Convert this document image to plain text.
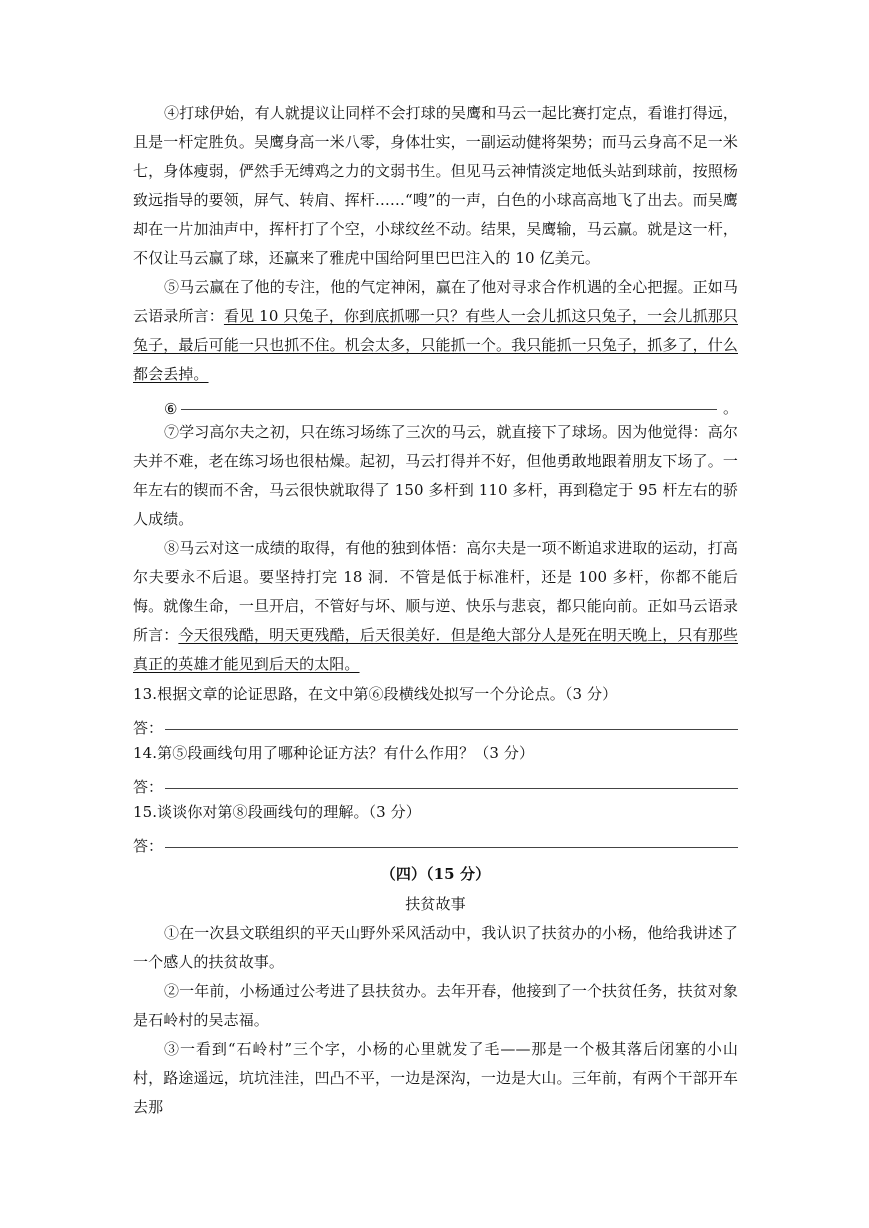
④打球伊始，有人就提议让同样不会打球的吴鹰和马云一起比赛打定点，看谁打得远，且是一杆定胜负。吴鹰身高一米八零，身体壮实，一副运动健将架势；而马云身高不足一米七，身体瘦弱，俨然手无缚鸡之力的文弱书生。但见马云神情淡定地低头站到球前，按照杨致远指导的要领，屏气、转肩、挥杆……“嗖”的一声，白色的小球高高地飞了出去。而吴鹰却在一片加油声中，挥杆打了个空，小球纹丝不动。结果，吴鹰输，马云赢。就是这一杆，不仅让马云赢了球，还赢来了雅虎中国给阿里巴巴注入的 10 亿美元。

⑤马云赢在了他的专注，他的气定神闲，赢在了他对寻求合作机遇的全心把握。正如马云语录所言：看见 10 只兔子，你到底抓哪一只？有些人一会儿抓这只兔子，一会儿抓那只兔子，最后可能一只也抓不住。机会太多，只能抓一个。我只能抓一只兔子，抓多了，什么都会丢掉。

⑥	。

⑦学习高尔夫之初，只在练习场练了三次的马云，就直接下了球场。因为他觉得：高尔夫并不难，老在练习场也很枯燥。起初，马云打得并不好，但他勇敢地跟着朋友下场了。一年左右的锲而不舍，马云很快就取得了 150 多杆到 110 多杆，再到稳定于 95 杆左右的骄人成绩。

⑧马云对这一成绩的取得，有他的独到体悟：高尔夫是一项不断追求进取的运动，打高尔夫要永不后退。要坚持打完 18 洞．不管是低于标准杆，还是 100 多杆，你都不能后悔。就像生命，一旦开启，不管好与坏、顺与逆、快乐与悲哀，都只能向前。正如马云语录所言：今天很残酷，明天更残酷，后天很美好．但是绝大部分人是死在明天晚上，只有那些真正的英雄才能见到后天的太阳。

13.根据文章的论证思路，在文中第⑥段横线处拟写一个分论点。（3 分）

答：

14.第⑤段画线句用了哪种论证方法？有什么作用？（3 分）

答：

15.谈谈你对第⑧段画线句的理解。（3 分）

答：

（四）（15 分）

扶贫故事

①在一次县文联组织的平天山野外采风活动中，我认识了扶贫办的小杨，他给我讲述了一个感人的扶贫故事。

②一年前，小杨通过公考进了县扶贫办。去年开春，他接到了一个扶贫任务，扶贫对象是石岭村的吴志福。

③一看到“石岭村”三个字，小杨的心里就发了毛——那是一个极其落后闭塞的小山村，路途遥远，坑坑洼洼，凹凸不平，一边是深沟，一边是大山。三年前，有两个干部开车去那
